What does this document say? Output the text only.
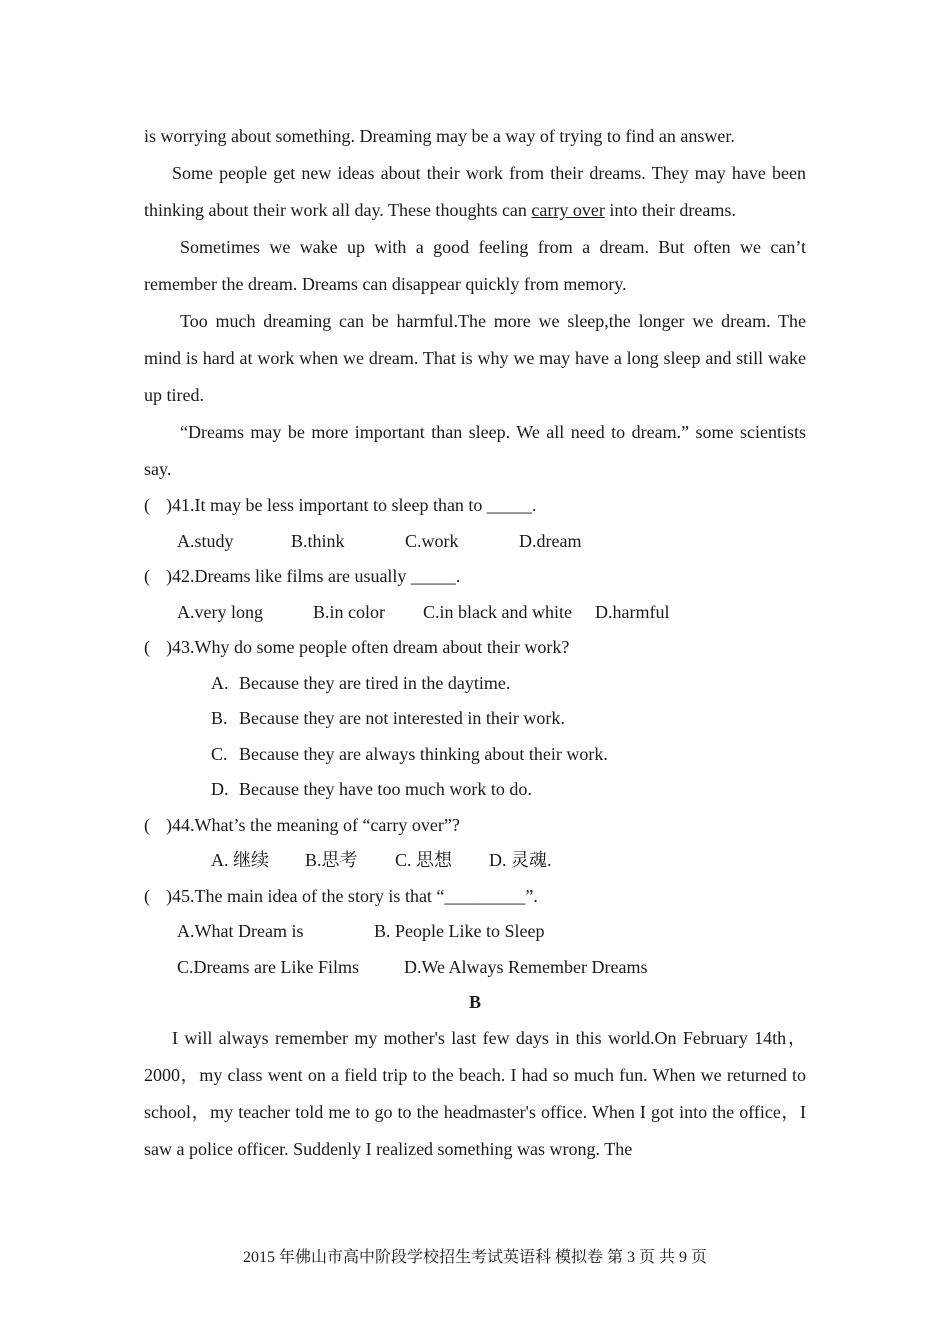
is worrying about something. Dreaming may be a way of trying to find an answer.

Some people get new ideas about their work from their dreams. They may have been thinking about their work all day. These thoughts can carry over into their dreams.

Sometimes we wake up with a good feeling from a dream. But often we can’t remember the dream. Dreams can disappear quickly from memory.

Too much dreaming can be harmful.The more we sleep,the longer we dream. The mind is hard at work when we dream. That is why we may have a long sleep and still wake up tired.

“Dreams may be more important than sleep. We all need to dream.” some scientists say.

( )41.It may be less important to sleep than to _____.

A.study	B.think	C.work	D.dream

( )42.Dreams like films are usually _____.

A.very long	B.in color C.in black and white D.harmful

( )43.Why do some people often dream about their work?

A. Because they are tired in the daytime.
B. Because they are not interested in their work.
C. Because they are always thinking about their work.
D. Because they have too much work to do.

( )44.What’s the meaning of “carry over”?

A. 继续 B.思考 C. 思想 D. 灵魂.

( )45.The main idea of the story is that “_________”.

A.What Dream is	B. People Like to Sleep

C.Dreams are Like Films	D.We Always Remember Dreams

B

I will always remember my mother's last few days in this world.On February 14th，2000，my class went on a field trip to the beach. I had so much fun. When we returned to school，my teacher told me to go to the headmaster's office. When I got into the office，I saw a police officer. Suddenly I realized something was wrong. The

2015 年佛山市高中阶段学校招生考试英语科 模拟卷 第 3 页 共 9 页
